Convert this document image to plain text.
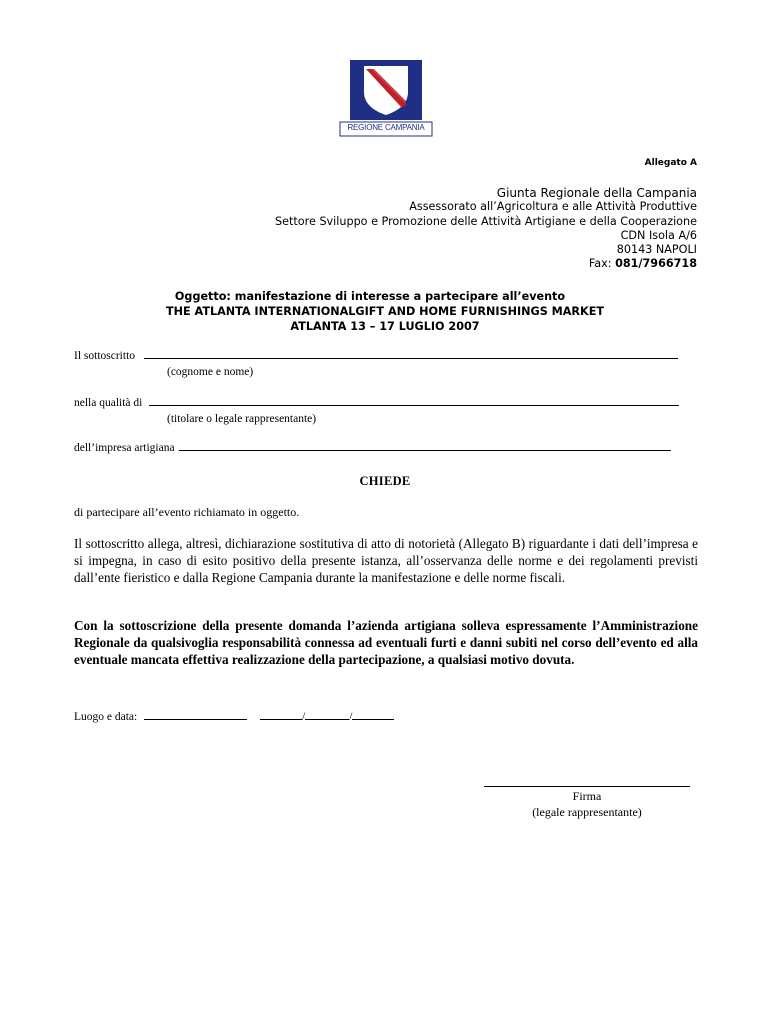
REGIONE CAMPANIA
Allegato A
Giunta Regionale della Campania
Assessorato all’Agricoltura e alle Attività Produttive
Settore Sviluppo e Promozione delle Attività Artigiane e della Cooperazione
CDN Isola A/6
80143 NAPOLI
Fax: 081/7966718
Oggetto: manifestazione di interesse a partecipare all’evento
THE ATLANTA INTERNATIONALGIFT AND HOME FURNISHINGS MARKET
ATLANTA 13 – 17 LUGLIO 2007
Il sottoscritto
(cognome e nome)
nella qualità di
(titolare o legale rappresentante)
dell’impresa artigiana
CHIEDE
di partecipare all’evento richiamato in oggetto.
Il sottoscritto allega, altresì, dichiarazione sostitutiva di atto di notorietà (Allegato B) riguardante i dati dell’impresa e si impegna, in caso di esito positivo della presente istanza, all’osservanza delle norme e dei regolamenti previsti dall’ente fieristico e dalla Regione Campania durante la manifestazione e delle norme fiscali.
Con la sottoscrizione della presente domanda l’azienda artigiana solleva espressamente l’Amministrazione Regionale da qualsivoglia responsabilità connessa ad eventuali furti e danni subiti nel corso dell’evento ed alla eventuale mancata effettiva realizzazione della partecipazione, a qualsiasi motivo dovuta.
Luogo e data:	/	/
Firma
(legale rappresentante)
